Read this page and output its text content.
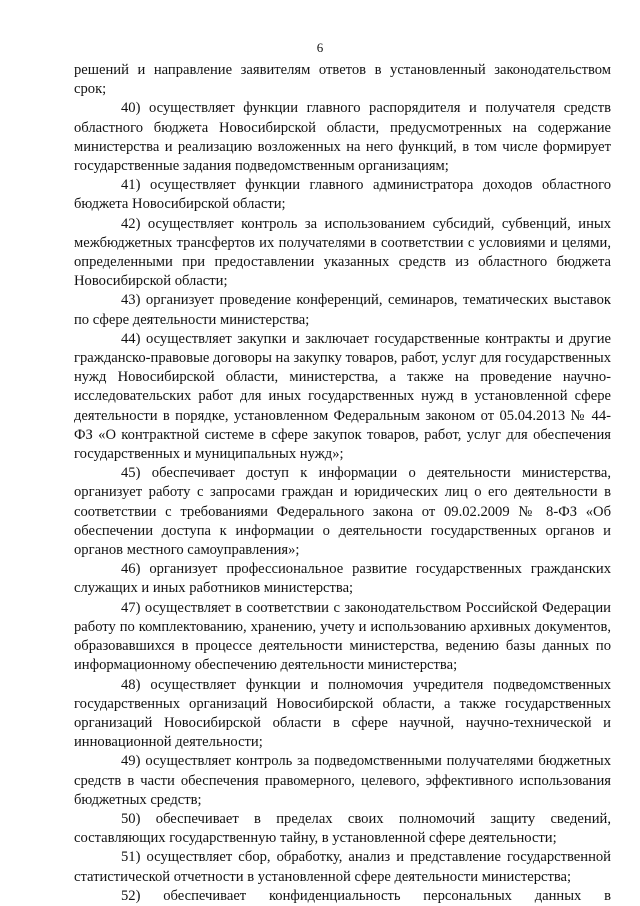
6

решений и направление заявителям ответов в установленный законодательством срок;

40) осуществляет функции главного распорядителя и получателя средств областного бюджета Новосибирской области, предусмотренных на содержание министерства и реализацию возложенных на него функций, в том числе формирует государственные задания подведомственным организациям;

41) осуществляет функции главного администратора доходов областного бюджета Новосибирской области;

42) осуществляет контроль за использованием субсидий, субвенций, иных межбюджетных трансфертов их получателями в соответствии с условиями и целями, определенными при предоставлении указанных средств из областного бюджета Новосибирской области;

43) организует проведение конференций, семинаров, тематических выставок по сфере деятельности министерства;

44) осуществляет закупки и заключает государственные контракты и другие гражданско-правовые договоры на закупку товаров, работ, услуг для государственных нужд Новосибирской области, министерства, а также на проведение научно-исследовательских работ для иных государственных нужд в установленной сфере деятельности в порядке, установленном Федеральным законом от 05.04.2013 № 44-ФЗ «О контрактной системе в сфере закупок товаров, работ, услуг для обеспечения государственных и муниципальных нужд»;

45) обеспечивает доступ к информации о деятельности министерства, организует работу с запросами граждан и юридических лиц о его деятельности в соответствии с требованиями Федерального закона от 09.02.2009 № 8-ФЗ «Об обеспечении доступа к информации о деятельности государственных органов и органов местного самоуправления»;

46) организует профессиональное развитие государственных гражданских служащих и иных работников министерства;

47) осуществляет в соответствии с законодательством Российской Федерации работу по комплектованию, хранению, учету и использованию архивных документов, образовавшихся в процессе деятельности министерства, ведению базы данных по информационному обеспечению деятельности министерства;

48) осуществляет функции и полномочия учредителя подведомственных государственных организаций Новосибирской области, а также государственных организаций Новосибирской области в сфере научной, научно-технической и инновационной деятельности;

49) осуществляет контроль за подведомственными получателями бюджетных средств в части обеспечения правомерного, целевого, эффективного использования бюджетных средств;

50) обеспечивает в пределах своих полномочий защиту сведений, составляющих государственную тайну, в установленной сфере деятельности;

51) осуществляет сбор, обработку, анализ и представление государственной статистической отчетности в установленной сфере деятельности министерства;

52) обеспечивает конфиденциальность персональных данных в
